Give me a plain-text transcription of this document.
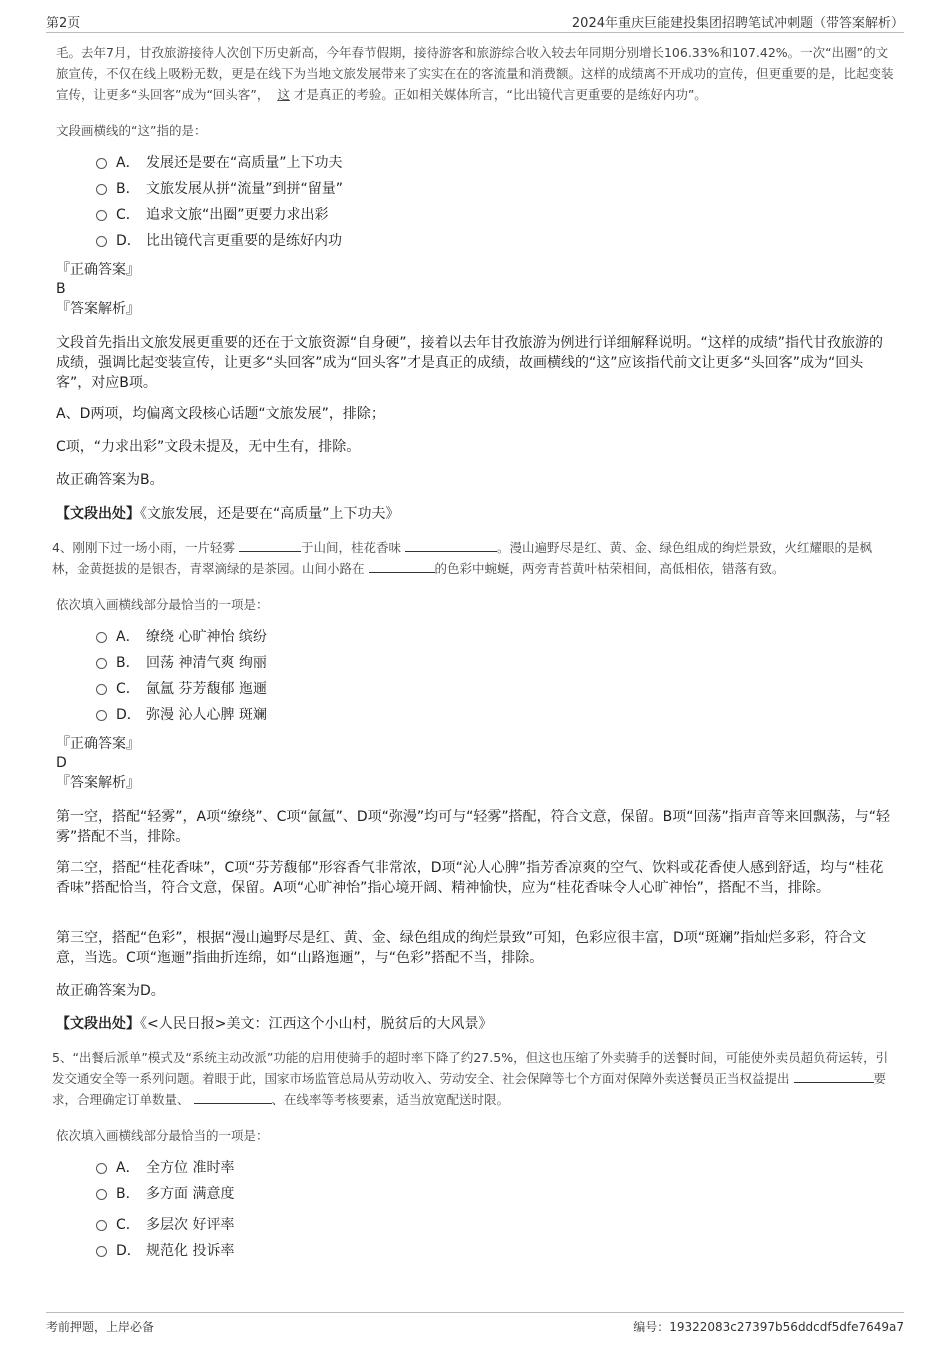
第2页	2024年重庆巨能建投集团招聘笔试冲刺题（带答案解析）
毛。去年7月，甘孜旅游接待人次创下历史新高，今年春节假期，接待游客和旅游综合收入较去年同期分别增长106.33%和107.42%。一次“出圈”的文旅宣传，不仅在线上吸粉无数，更是在线下为当地文旅发展带来了实实在在的客流量和消费额。这样的成绩离不开成功的宣传，但更重要的是，比起变装宣传，让更多“头回客”成为“回头客”， 这 才是真正的考验。正如相关媒体所言，“比出镜代言更重要的是练好内功”。
文段画横线的“这”指的是：
A． 发展还是要在“高质量”上下功夫
B． 文旅发展从拼“流量”到拼“留量”
C． 追求文旅“出圈”更要力求出彩
D． 比出镜代言更重要的是练好内功
『正确答案』
B
『答案解析』
文段首先指出文旅发展更重要的还在于文旅资源“自身硬”，接着以去年甘孜旅游为例进行详细解释说明。“这样的成绩”指代甘孜旅游的成绩，强调比起变装宣传，让更多“头回客”成为“回头客”才是真正的成绩，故画横线的“这”应该指代前文让更多“头回客”成为“回头客”，对应B项。
A、D两项，均偏离文段核心话题“文旅发展”，排除；
C项，“力求出彩”文段未提及，无中生有，排除。
故正确答案为B。
【文段出处】《文旅发展，还是要在“高质量”上下功夫》
4、刚刚下过一场小雨，一片轻雾	于山间，桂花香味	。漫山遍野尽是红、黄、金、绿色组成的绚烂景致，火红耀眼的是枫林，金黄挺拔的是银杏，青翠滴绿的是茶园。山间小路在	的色彩中蜿蜒，两旁青苔黄叶枯荣相间，高低相依，错落有致。
依次填入画横线部分最恰当的一项是：
A． 缭绕 心旷神怡 缤纷
B． 回荡 神清气爽 绚丽
C． 氤氲 芬芳馥郁 迤逦
D． 弥漫 沁人心脾 斑斓
『正确答案』
D
『答案解析』
第一空，搭配“轻雾”，A项“缭绕”、C项“氤氲”、D项“弥漫”均可与“轻雾”搭配，符合文意，保留。B项“回荡”指声音等来回飘荡，与“轻雾”搭配不当，排除。
第二空，搭配“桂花香味”，C项“芬芳馥郁”形容香气非常浓，D项“沁人心脾”指芳香凉爽的空气、饮料或花香使人感到舒适，均与“桂花香味”搭配恰当，符合文意，保留。A项“心旷神怡”指心境开阔、精神愉快，应为“桂花香味令人心旷神怡”，搭配不当，排除。
第三空，搭配“色彩”，根据“漫山遍野尽是红、黄、金、绿色组成的绚烂景致”可知，色彩应很丰富，D项“斑斓”指灿烂多彩，符合文意，当选。C项“迤逦”指曲折连绵，如“山路迤逦”，与“色彩”搭配不当，排除。
故正确答案为D。
【文段出处】《<人民日报>美文：江西这个小山村，脱贫后的大风景》
5、“出餐后派单”模式及“系统主动改派”功能的启用使骑手的超时率下降了约27.5%，但这也压缩了外卖骑手的送餐时间，可能使外卖员超负荷运转，引发交通安全等一系列问题。着眼于此，国家市场监管总局从劳动收入、劳动安全、社会保障等七个方面对保障外卖送餐员正当权益提出	要求，合理确定订单数量、	、在线率等考核要素，适当放宽配送时限。
依次填入画横线部分最恰当的一项是：
A． 全方位 准时率
B． 多方面 满意度
C． 多层次 好评率
D． 规范化 投诉率
考前押题，上岸必备	编号：19322083c27397b56ddcdf5dfe7649a7
